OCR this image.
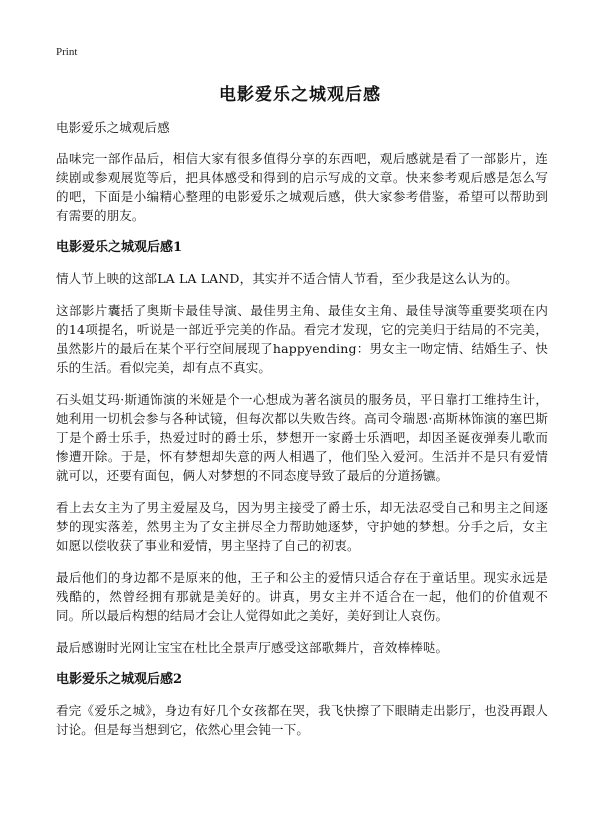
Print
电影爱乐之城观后感

电影爱乐之城观后感

品味完一部作品后，相信大家有很多值得分享的东西吧，观后感就是看了一部影片，连续剧或参观展览等后，把具体感受和得到的启示写成的文章。快来参考观后感是怎么写的吧，下面是小编精心整理的电影爱乐之城观后感，供大家参考借鉴，希望可以帮助到有需要的朋友。

电影爱乐之城观后感1

情人节上映的这部LA LA LAND，其实并不适合情人节看，至少我是这么认为的。

这部影片囊括了奥斯卡最佳导演、最佳男主角、最佳女主角、最佳导演等重要奖项在内的14项提名，听说是一部近乎完美的作品。看完才发现，它的完美归于结局的不完美，虽然影片的最后在某个平行空间展现了happyending：男女主一吻定情、结婚生子、快乐的生活。看似完美，却有点不真实。

石头姐艾玛·斯通饰演的米娅是个一心想成为著名演员的服务员，平日靠打工维持生计，她利用一切机会参与各种试镜，但每次都以失败告终。高司令瑞恩·高斯林饰演的塞巴斯丁是个爵士乐手，热爱过时的爵士乐，梦想开一家爵士乐酒吧，却因圣诞夜弹奏儿歌而惨遭开除。于是，怀有梦想却失意的两人相遇了，他们坠入爱河。生活并不是只有爱情就可以，还要有面包，俩人对梦想的不同态度导致了最后的分道扬镳。

看上去女主为了男主爱屋及乌，因为男主接受了爵士乐，却无法忍受自己和男主之间逐梦的现实落差，然男主为了女主拼尽全力帮助她逐梦，守护她的梦想。分手之后，女主如愿以偿收获了事业和爱情，男主坚持了自己的初衷。

最后他们的身边都不是原来的他，王子和公主的爱情只适合存在于童话里。现实永远是残酷的，然曾经拥有那就是美好的。讲真，男女主并不适合在一起，他们的价值观不同。所以最后构想的结局才会让人觉得如此之美好，美好到让人哀伤。

最后感谢时光网让宝宝在杜比全景声厅感受这部歌舞片，音效棒棒哒。

电影爱乐之城观后感2

看完《爱乐之城》，身边有好几个女孩都在哭，我飞快擦了下眼睛走出影厅，也没再跟人讨论。但是每当想到它，依然心里会钝一下。
